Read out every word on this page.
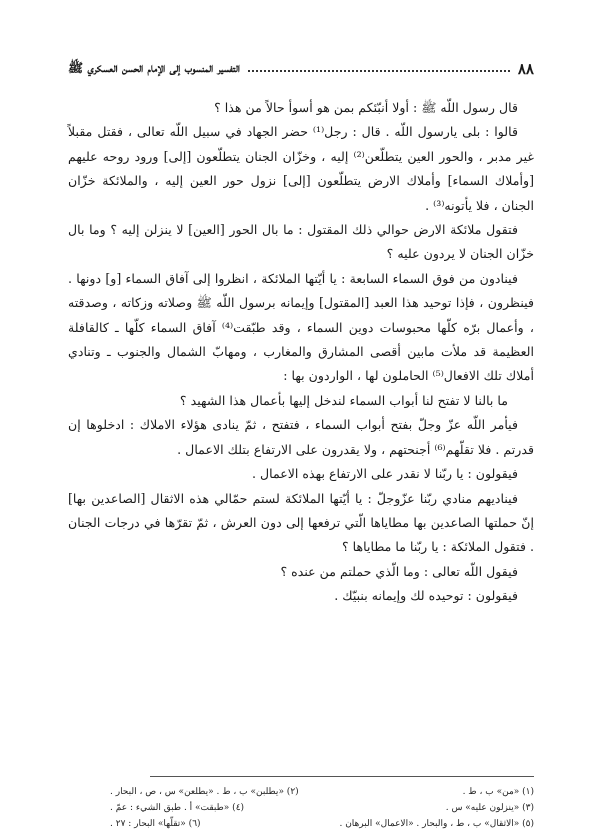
٨٨
التفسير المنسوب إلى الإمام الحسن العسكري ﷺ

قال رسول اللّه ﷺ : أولا أنبّئكم بمن هو أسوأ حالاً من هذا ؟

قالوا : بلى يارسول اللّه . قال : رجل⁽¹⁾ حضر الجهاد في سبيل اللّه تعالى ، فقتل مقبلاً غير مدبر ، والحور العين يتطلّعن⁽²⁾ إليه ، وخزّان الجنان يتطلّعون [إلى] ورود روحه عليهم [وأملاك السماء] وأملاك الارض يتطلّعون [إلى] نزول حور العين إليه ، والملائكة خزّان الجنان ، فلا يأتونه⁽³⁾ .

فتقول ملائكة الارض حوالي ذلك المقتول : ما بال الحور [العين] لا ينزلن إليه ؟ وما بال خزّان الجنان لا يردون عليه ؟

فينادون من فوق السماء السابعة : يا أيّتها الملائكة ، انظروا إلى آفاق السماء [و] دونها . فينظرون ، فإذا توحيد هذا العبد [المقتول] وإيمانه برسول اللّه ﷺ وصلاته وزكاته ، وصدقته ، وأعمال برّه كلّها محبوسات دوين السماء ، وقد طبّقت⁽⁴⁾ آفاق السماء كلّها ـ كالقافلة العظيمة قد ملأت مابين أقصى المشارق والمغارب ، ومهابّ الشمال والجنوب ـ وتنادي أملاك تلك الافعال⁽⁵⁾ الحاملون لها ، الواردون بها :

ما بالنا لا تفتح لنا أبواب السماء لندخل إليها بأعمال هذا الشهيد ؟

فيأمر اللّه عزّ وجلّ بفتح أبواب السماء ، فتفتح ، ثمّ ينادى هؤلاء الاملاك : ادخلوها إن قدرتم . فلا تقلّهم⁽⁶⁾ أجنحتهم ، ولا يقدرون على الارتفاع بتلك الاعمال .

فيقولون : يا ربّنا لا نقدر على الارتفاع بهذه الاعمال .

فيناديهم منادي ربّنا عزّوجلّ : يا أيّتها الملائكة لستم حمّالي هذه الاثقال [الصاعدين بها] إنّ حملتها الصاعدين بها مطاياها الّتي ترفعها إلى دون العرش ، ثمّ تقرّها في درجات الجنان . فتقول الملائكة : يا ربّنا ما مطاياها ؟

فيقول اللّه تعالى : وما الّذي حملتم من عنده ؟

فيقولون : توحيده لك وإيمانه بنبيّك .

(١) «من» ب ، ط .
(٢) «يطلبن» ب ، ط . «يطلعن» س ، ص ، البحار .
(٣) «ينزلون عليه» س .
(٤) «طبقت» أ . طبق الشيء : عمّ .
(٥) «الاثقال» ب ، ط ، والبحار . «الاعمال» البرهان .
(٦) «تقلّها» البحار : ٢٧ .
